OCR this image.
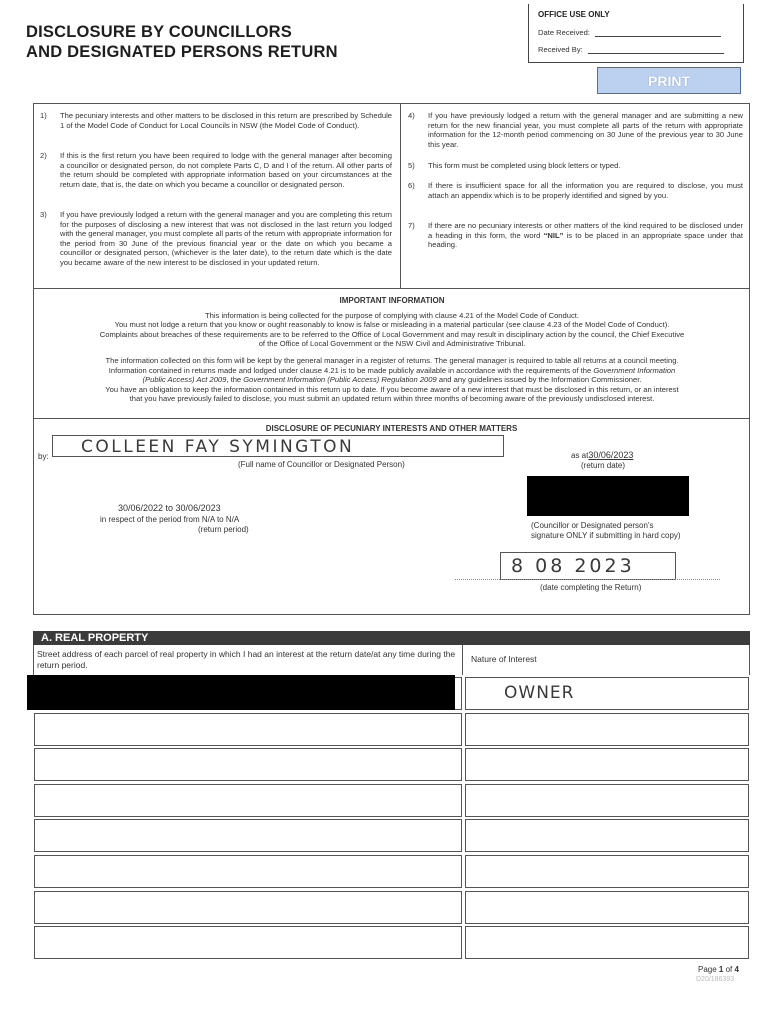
DISCLOSURE BY COUNCILLORS
AND DESIGNATED PERSONS RETURN
OFFICE USE ONLY
Date Received:
Received By:
PRINT
1) The pecuniary interests and other matters to be disclosed in this return are prescribed by Schedule 1 of the Model Code of Conduct for Local Councils in NSW (the Model Code of Conduct).
2) If this is the first return you have been required to lodge with the general manager after becoming a councillor or designated person, do not complete Parts C, D and I of the return. All other parts of the return should be completed with appropriate information based on your circumstances at the return date, that is, the date on which you became a councillor or designated person.
3) If you have previously lodged a return with the general manager and you are completing this return for the purposes of disclosing a new interest that was not disclosed in the last return you lodged with the general manager, you must complete all parts of the return with appropriate information for the period from 30 June of the previous financial year or the date on which you became a councillor or designated person, (whichever is the later date), to the return date which is the date you became aware of the new interest to be disclosed in your updated return.
4) If you have previously lodged a return with the general manager and are submitting a new return for the new financial year, you must complete all parts of the return with appropriate information for the 12-month period commencing on 30 June of the previous year to 30 June this year.
5) This form must be completed using block letters or typed.
6) If there is insufficient space for all the information you are required to disclose, you must attach an appendix which is to be properly identified and signed by you.
7) If there are no pecuniary interests or other matters of the kind required to be disclosed under a heading in this form, the word “NIL” is to be placed in an appropriate space under that heading.
IMPORTANT INFORMATION
This information is being collected for the purpose of complying with clause 4.21 of the Model Code of Conduct.
You must not lodge a return that you know or ought reasonably to know is false or misleading in a material particular (see clause 4.23 of the Model Code of Conduct).
Complaints about breaches of these requirements are to be referred to the Office of Local Government and may result in disciplinary action by the council, the Chief Executive
of the Office of Local Government or the NSW Civil and Administrative Tribunal.
The information collected on this form will be kept by the general manager in a register of returns. The general manager is required to table all returns at a council meeting.
Information contained in returns made and lodged under clause 4.21 is to be made publicly available in accordance with the requirements of the Government Information
(Public Access) Act 2009, the Government Information (Public Access) Regulation 2009 and any guidelines issued by the Information Commissioner.
You have an obligation to keep the information contained in this return up to date. If you become aware of a new interest that must be disclosed in this return, or an interest
that you have previously failed to disclose, you must submit an updated return within three months of becoming aware of the previously undisclosed interest.
DISCLOSURE OF PECUNIARY INTERESTS AND OTHER MATTERS
by: COLLEEN FAY SYMINGTON
(Full name of Councillor or Designated Person)
as at30/06/2023
(return date)
30/06/2022 to 30/06/2023
in respect of the period from N/A to N/A
(return period)	(Councillor or Designated person's
signature ONLY if submitting in hard copy)
8 08 2023
(date completing the Return)
A. REAL PROPERTY
Street address of each parcel of real property in which I had an interest at the return date/at any time during the return period.
Nature of Interest
OWNER
Page 1 of 4
D20/186393
